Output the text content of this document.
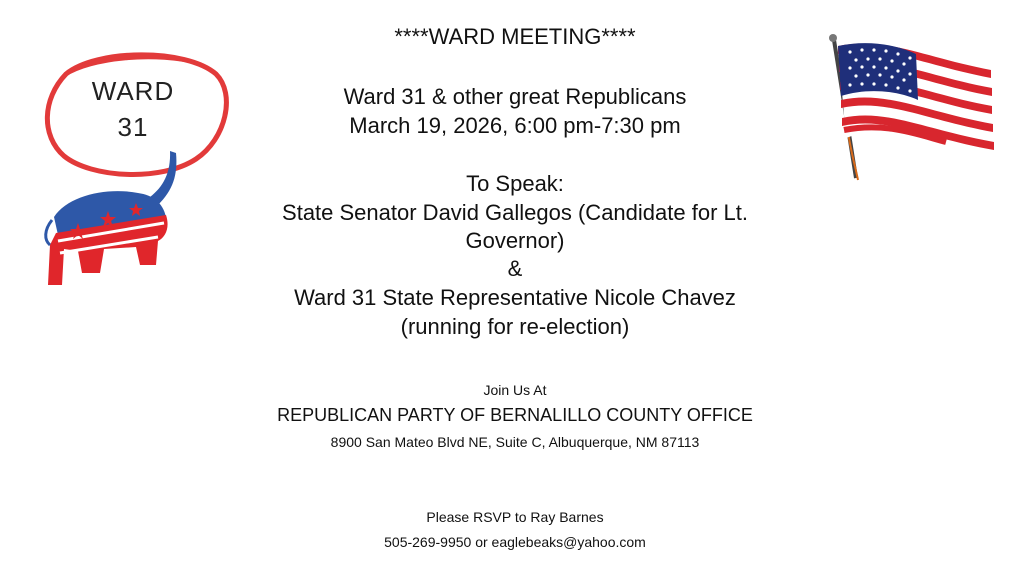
WARD
31
****WARD MEETING****
Ward 31 & other great Republicans
March 19, 2026, 6:00 pm-7:30 pm
To Speak:
State Senator David Gallegos (Candidate for Lt.
Governor)
&
Ward 31 State Representative Nicole Chavez
(running for re-election)
Join Us At
REPUBLICAN PARTY OF BERNALILLO COUNTY OFFICE
8900 San Mateo Blvd NE, Suite C, Albuquerque, NM 87113
Please RSVP to Ray Barnes
505-269-9950 or eaglebeaks@yahoo.com
